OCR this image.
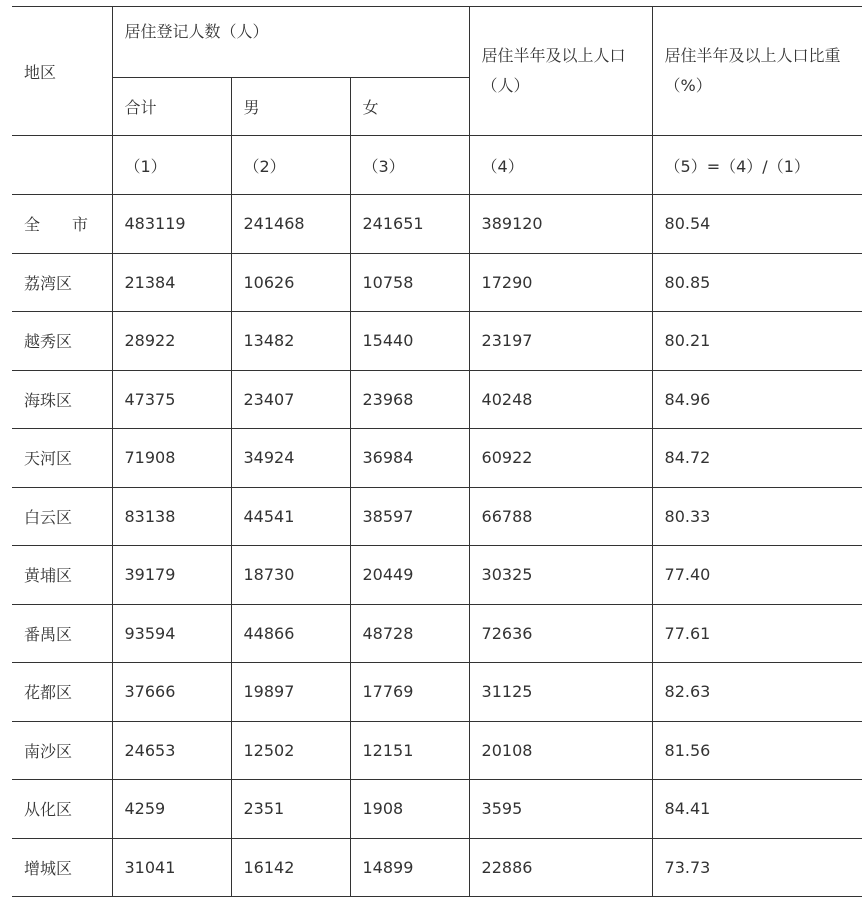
地区	居住登记人数（人）			居住半年及以上人口（人）	居住半年及以上人口比重（%）
	合计	男	女		
	（1）	（2）	（3）	（4）	（5）=（4）/（1）
全　　市	483119	241468	241651	389120	80.54
荔湾区	21384	10626	10758	17290	80.85
越秀区	28922	13482	15440	23197	80.21
海珠区	47375	23407	23968	40248	84.96
天河区	71908	34924	36984	60922	84.72
白云区	83138	44541	38597	66788	80.33
黄埔区	39179	18730	20449	30325	77.40
番禺区	93594	44866	48728	72636	77.61
花都区	37666	19897	17769	31125	82.63
南沙区	24653	12502	12151	20108	81.56
从化区	4259	2351	1908	3595	84.41
增城区	31041	16142	14899	22886	73.73
